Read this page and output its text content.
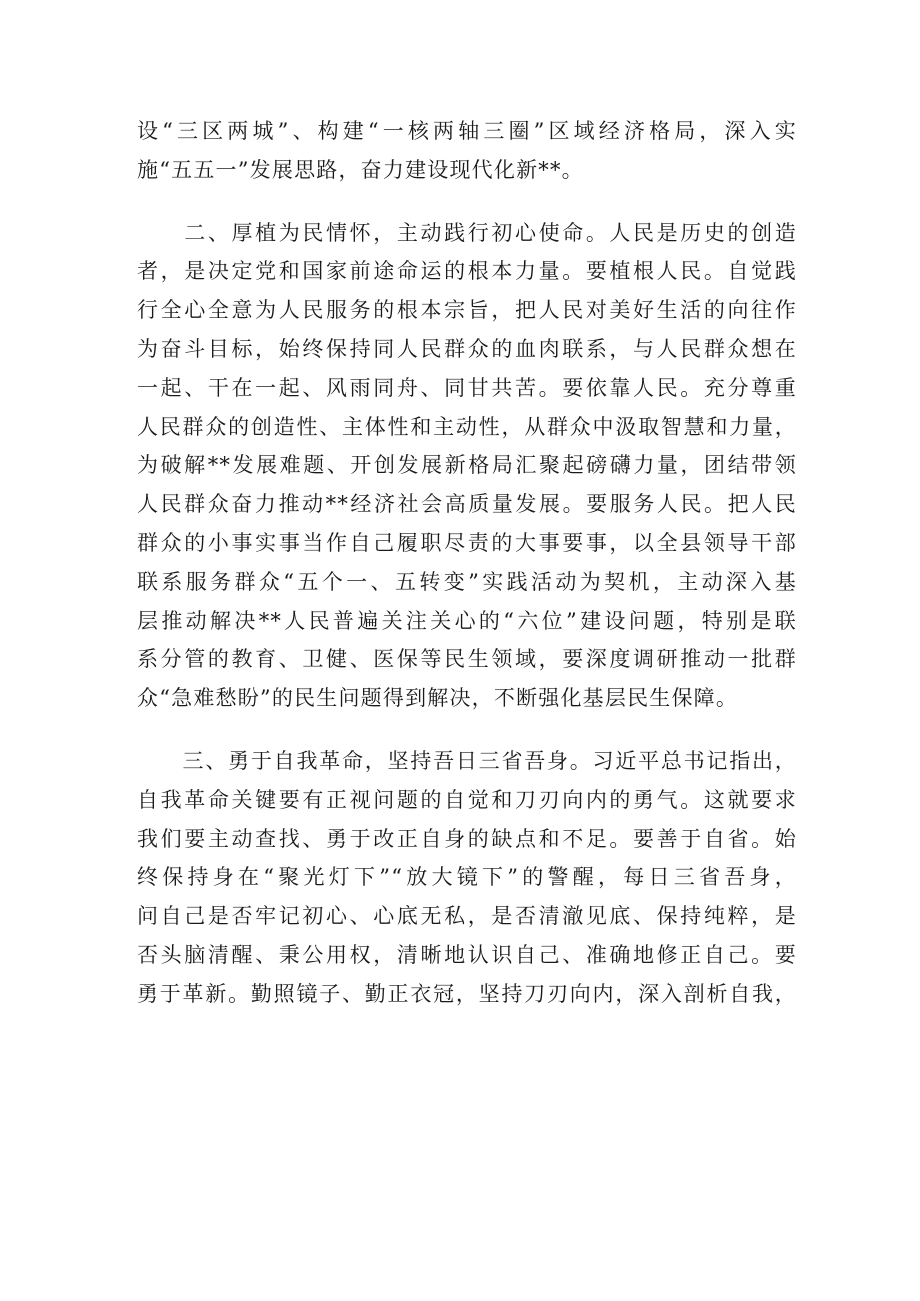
设“三区两城”、构建“一核两轴三圈”区域经济格局，深入实
施“五五一”发展思路，奋力建设现代化新**。
　　二、厚植为民情怀，主动践行初心使命。人民是历史的创造
者，是决定党和国家前途命运的根本力量。要植根人民。自觉践
行全心全意为人民服务的根本宗旨，把人民对美好生活的向往作
为奋斗目标，始终保持同人民群众的血肉联系，与人民群众想在
一起、干在一起、风雨同舟、同甘共苦。要依靠人民。充分尊重
人民群众的创造性、主体性和主动性，从群众中汲取智慧和力量，
为破解**发展难题、开创发展新格局汇聚起磅礴力量，团结带领
人民群众奋力推动**经济社会高质量发展。要服务人民。把人民
群众的小事实事当作自己履职尽责的大事要事，以全县领导干部
联系服务群众“五个一、五转变”实践活动为契机，主动深入基
层推动解决**人民普遍关注关心的“六位”建设问题，特别是联
系分管的教育、卫健、医保等民生领域，要深度调研推动一批群
众“急难愁盼”的民生问题得到解决，不断强化基层民生保障。
　　三、勇于自我革命，坚持吾日三省吾身。习近平总书记指出，
自我革命关键要有正视问题的自觉和刀刃向内的勇气。这就要求
我们要主动查找、勇于改正自身的缺点和不足。要善于自省。始
终保持身在“聚光灯下”“放大镜下”的警醒，每日三省吾身，
问自己是否牢记初心、心底无私，是否清澈见底、保持纯粹，是
否头脑清醒、秉公用权，清晰地认识自己、准确地修正自己。要
勇于革新。勤照镜子、勤正衣冠，坚持刀刃向内，深入剖析自我，
